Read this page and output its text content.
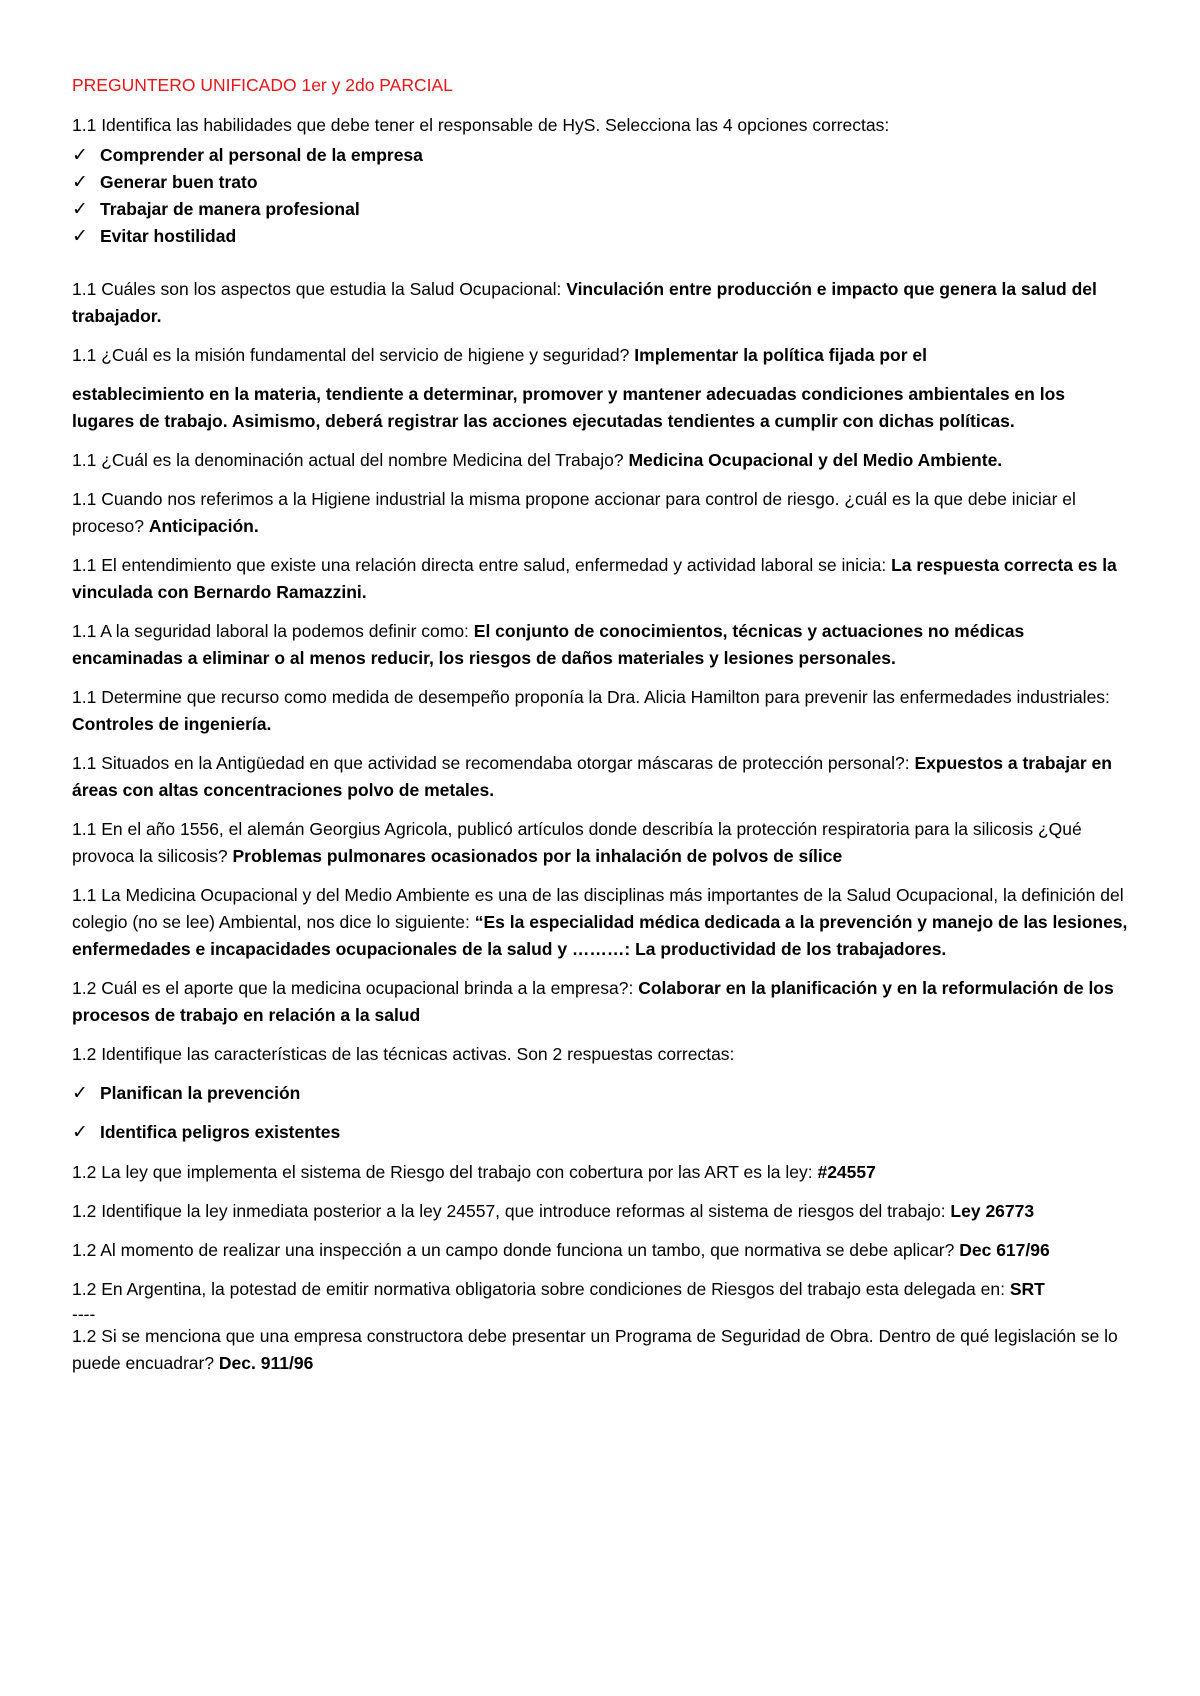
PREGUNTERO UNIFICADO 1er y 2do PARCIAL

1.1 Identifica las habilidades que debe tener el responsable de HyS. Selecciona las 4 opciones correctas:

✓ Comprender al personal de la empresa
✓ Generar buen trato
✓ Trabajar de manera profesional
✓ Evitar hostilidad

1.1 Cuáles son los aspectos que estudia la Salud Ocupacional: Vinculación entre producción e impacto que genera la salud del trabajador.

1.1 ¿Cuál es la misión fundamental del servicio de higiene y seguridad? Implementar la política fijada por el

establecimiento en la materia, tendiente a determinar, promover y mantener adecuadas condiciones ambientales en los lugares de trabajo. Asimismo, deberá registrar las acciones ejecutadas tendientes a cumplir con dichas políticas.

1.1 ¿Cuál es la denominación actual del nombre Medicina del Trabajo? Medicina Ocupacional y del Medio Ambiente.

1.1 Cuando nos referimos a la Higiene industrial la misma propone accionar para control de riesgo. ¿cuál es la que debe iniciar el proceso? Anticipación.

1.1 El entendimiento que existe una relación directa entre salud, enfermedad y actividad laboral se inicia: La respuesta correcta es la vinculada con Bernardo Ramazzini.

1.1 A la seguridad laboral la podemos definir como: El conjunto de conocimientos, técnicas y actuaciones no médicas encaminadas a eliminar o al menos reducir, los riesgos de daños materiales y lesiones personales.

1.1 Determine que recurso como medida de desempeño proponía la Dra. Alicia Hamilton para prevenir las enfermedades industriales: Controles de ingeniería.

1.1 Situados en la Antigüedad en que actividad se recomendaba otorgar máscaras de protección personal?: Expuestos a trabajar en áreas con altas concentraciones polvo de metales.

1.1 En el año 1556, el alemán Georgius Agricola, publicó artículos donde describía la protección respiratoria para la silicosis ¿Qué provoca la silicosis? Problemas pulmonares ocasionados por la inhalación de polvos de sílice

1.1 La Medicina Ocupacional y del Medio Ambiente es una de las disciplinas más importantes de la Salud Ocupacional, la definición del colegio (no se lee) Ambiental, nos dice lo siguiente: “Es la especialidad médica dedicada a la prevención y manejo de las lesiones, enfermedades e incapacidades ocupacionales de la salud y ………: La productividad de los trabajadores.

1.2 Cuál es el aporte que la medicina ocupacional brinda a la empresa?: Colaborar en la planificación y en la reformulación de los procesos de trabajo en relación a la salud

1.2 Identifique las características de las técnicas activas. Son 2 respuestas correctas:

✓ Planifican la prevención
✓ Identifica peligros existentes

1.2 La ley que implementa el sistema de Riesgo del trabajo con cobertura por las ART es la ley: #24557

1.2 Identifique la ley inmediata posterior a la ley 24557, que introduce reformas al sistema de riesgos del trabajo: Ley 26773

1.2 Al momento de realizar una inspección a un campo donde funciona un tambo, que normativa se debe aplicar? Dec 617/96

1.2 En Argentina, la potestad de emitir normativa obligatoria sobre condiciones de Riesgos del trabajo esta delegada en: SRT

----

1.2 Si se menciona que una empresa constructora debe presentar un Programa de Seguridad de Obra. Dentro de qué legislación se lo puede encuadrar? Dec. 911/96
